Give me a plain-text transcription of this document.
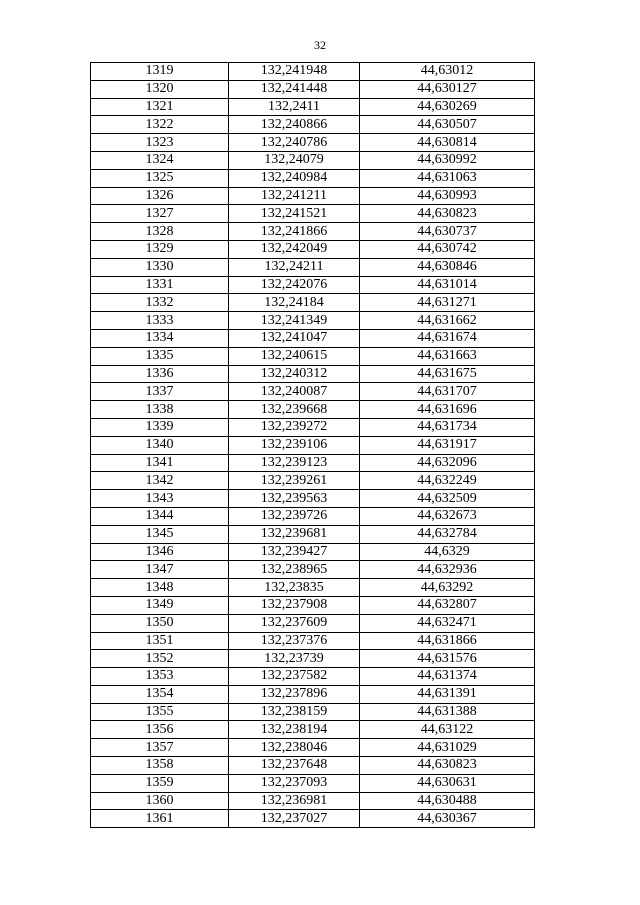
32
1319	132,241948	44,63012
1320	132,241448	44,630127
1321	132,2411	44,630269
1322	132,240866	44,630507
1323	132,240786	44,630814
1324	132,24079	44,630992
1325	132,240984	44,631063
1326	132,241211	44,630993
1327	132,241521	44,630823
1328	132,241866	44,630737
1329	132,242049	44,630742
1330	132,24211	44,630846
1331	132,242076	44,631014
1332	132,24184	44,631271
1333	132,241349	44,631662
1334	132,241047	44,631674
1335	132,240615	44,631663
1336	132,240312	44,631675
1337	132,240087	44,631707
1338	132,239668	44,631696
1339	132,239272	44,631734
1340	132,239106	44,631917
1341	132,239123	44,632096
1342	132,239261	44,632249
1343	132,239563	44,632509
1344	132,239726	44,632673
1345	132,239681	44,632784
1346	132,239427	44,6329
1347	132,238965	44,632936
1348	132,23835	44,63292
1349	132,237908	44,632807
1350	132,237609	44,632471
1351	132,237376	44,631866
1352	132,23739	44,631576
1353	132,237582	44,631374
1354	132,237896	44,631391
1355	132,238159	44,631388
1356	132,238194	44,63122
1357	132,238046	44,631029
1358	132,237648	44,630823
1359	132,237093	44,630631
1360	132,236981	44,630488
1361	132,237027	44,630367
